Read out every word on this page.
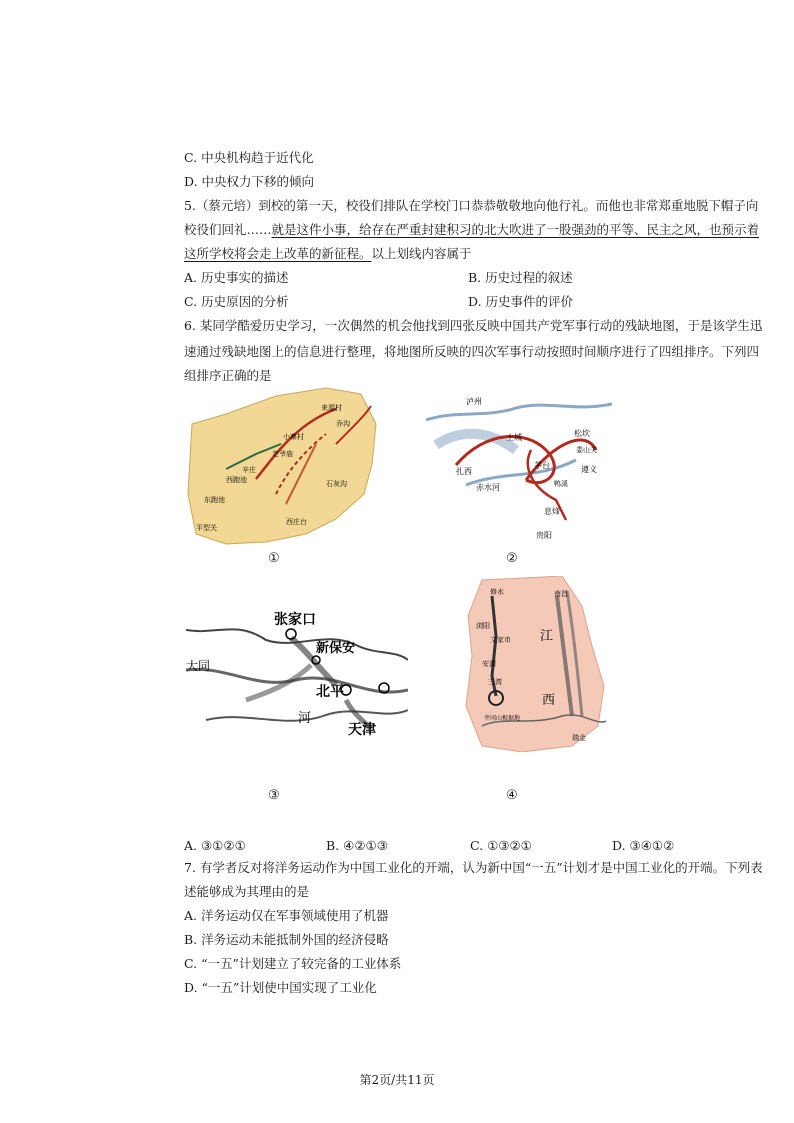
C. 中央机构趋于近代化
D. 中央权力下移的倾向
5.（蔡元培）到校的第一天，校役们排队在学校门口恭恭敬敬地向他行礼。而他也非常郑重地脱下帽子向
校役们回礼……就是这件小事，给存在严重封建积习的北大吹进了一股强劲的平等、民主之风，也预示着
这所学校将会走上改革的新征程。以上划线内容属于
A. 历史事实的描述	B. 历史过程的叙述
C. 历史原因的分析	D. 历史事件的评价
6. 某同学酷爱历史学习，一次偶然的机会他找到四张反映中国共产党军事行动的残缺地图，于是该学生迅
速通过残缺地图上的信息进行整理，将地图所反映的四次军事行动按照时间顺序进行了四组排序。下列四
组排序正确的是
来源村
小寨村
老爷庙
辛庄
西跑池
东跑池
平型关
石灰沟
西庄台
乔沟
①
泸州
土城	松坎
娄山关
茅台	遵义
扎西
赤水河	鸭溪
息烽
贵阳
②
张家口
新保安
大同
北平
天津
河
③
修水	南昌
浏阳
文家市 江
安源
三湾
西
井冈山根据地
瑞金
④
A. ③①②①	B. ④②①③	C. ①③②①	D. ③④①②
7. 有学者反对将洋务运动作为中国工业化的开端，认为新中国“一五”计划才是中国工业化的开端。下列表
述能够成为其理由的是
A. 洋务运动仅在军事领域使用了机器
B. 洋务运动未能抵制外国的经济侵略
C. “一五”计划建立了较完备的工业体系
D. “一五”计划使中国实现了工业化
第2页/共11页
